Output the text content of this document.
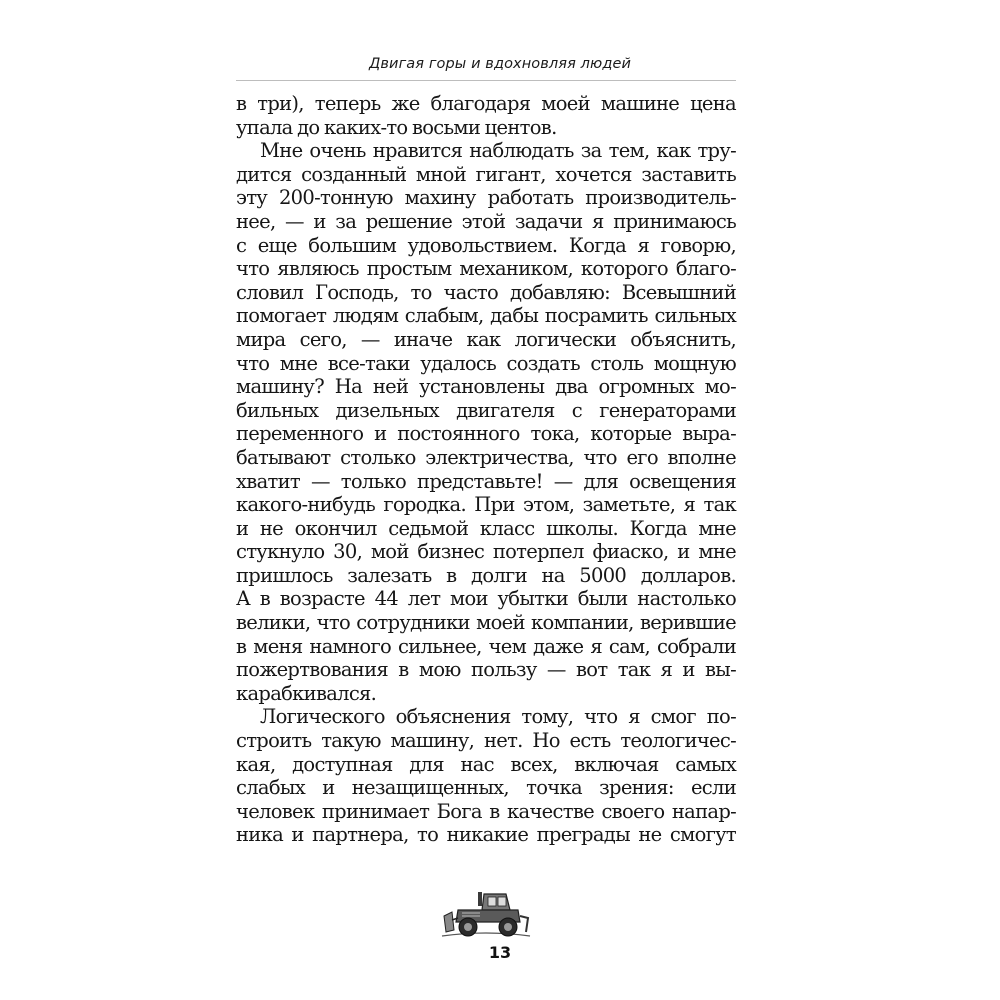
Двигая горы и вдохновляя людей

в три), теперь же благодаря моей машине цена
упала до каких-то восьми центов.

Мне очень нравится наблюдать за тем, как тру-
дится созданный мной гигант, хочется заставить
эту 200-тонную махину работать производитель-
нее, — и за решение этой задачи я принимаюсь
с еще большим удовольствием. Когда я говорю,
что являюсь простым механиком, которого благо-
словил Господь, то часто добавляю: Всевышний
помогает людям слабым, дабы посрамить сильных
мира сего, — иначе как логически объяснить,
что мне все-таки удалось создать столь мощную
машину? На ней установлены два огромных мо-
бильных дизельных двигателя с генераторами
переменного и постоянного тока, которые выра-
батывают столько электричества, что его вполне
хватит — только представьте! — для освещения
какого-нибудь городка. При этом, заметьте, я так
и не окончил седьмой класс школы. Когда мне
стукнуло 30, мой бизнес потерпел фиаско, и мне
пришлось залезать в долги на 5000 долларов.
А в возрасте 44 лет мои убытки были настолько
велики, что сотрудники моей компании, верившие
в меня намного сильнее, чем даже я сам, собрали
пожертвования в мою пользу — вот так я и вы-
карабкивался.

Логического объяснения тому, что я смог по-
строить такую машину, нет. Но есть теологичес-
кая, доступная для нас всех, включая самых
слабых и незащищенных, точка зрения: если
человек принимает Бога в качестве своего напар-
ника и партнера, то никакие преграды не смогут

13
